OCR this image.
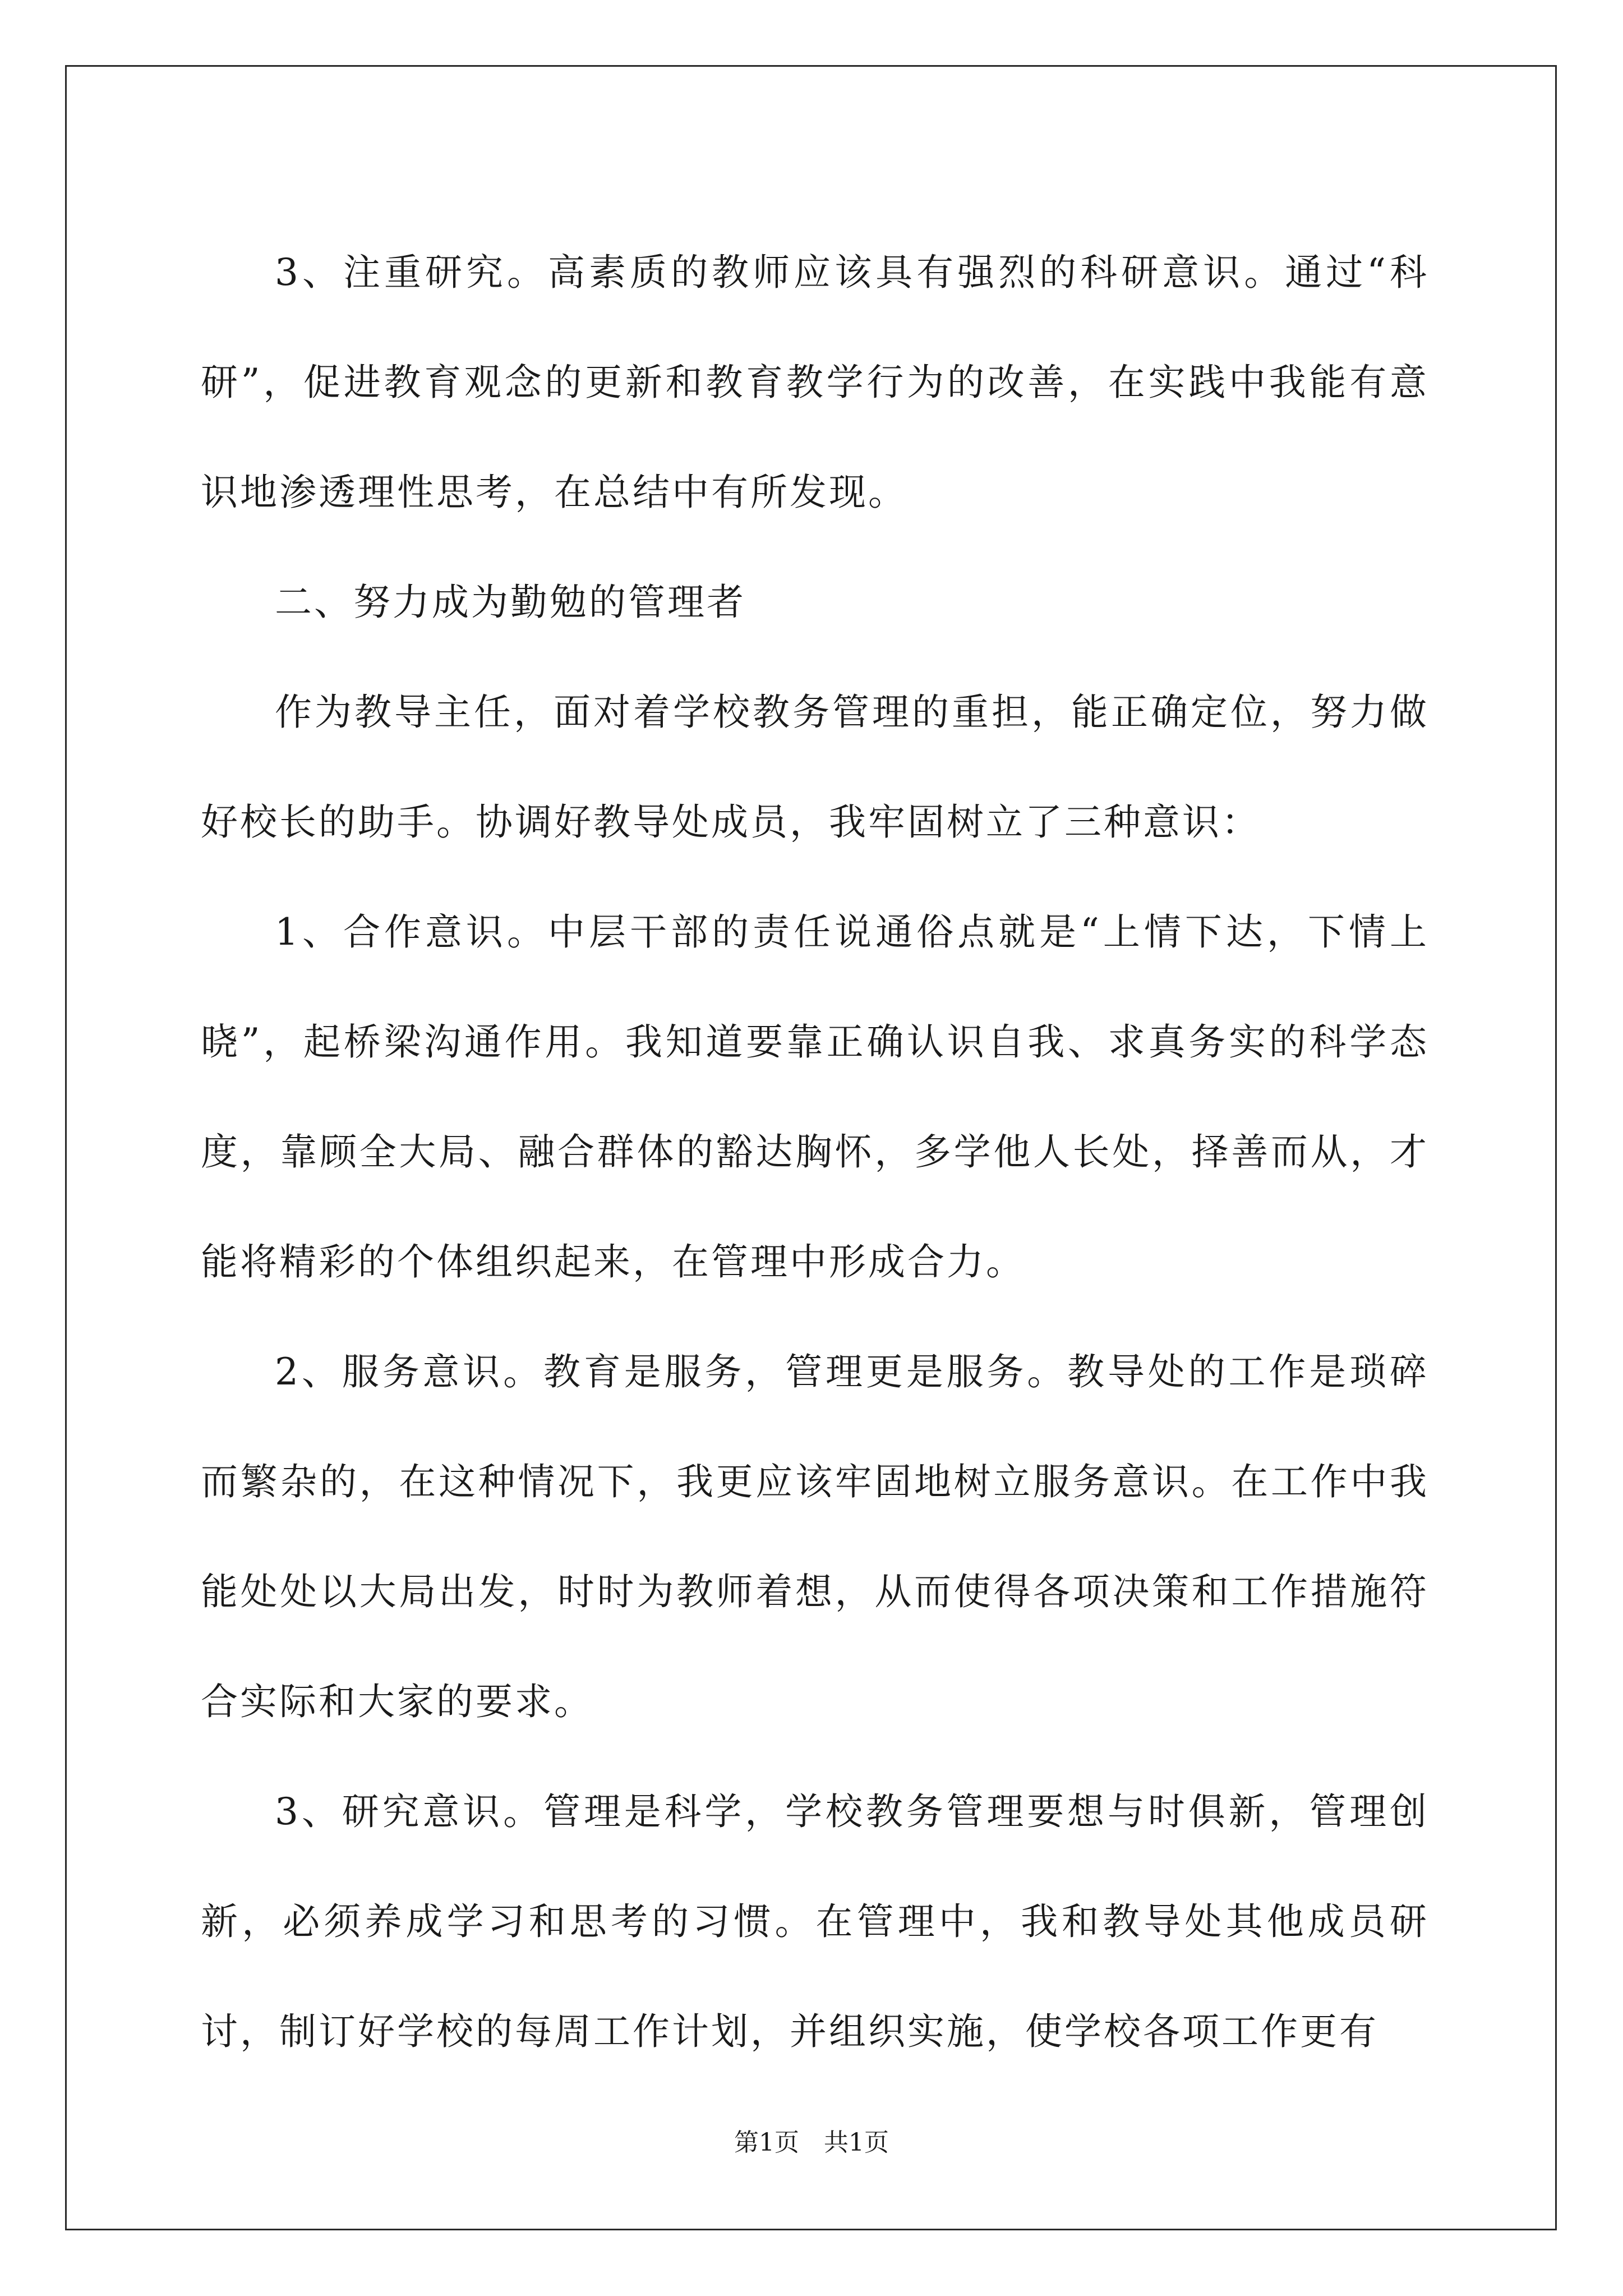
3、注重研究。高素质的教师应该具有强烈的科研意识。通过“科研”，促进教育观念的更新和教育教学行为的改善，在实践中我能有意识地渗透理性思考，在总结中有所发现。

二、努力成为勤勉的管理者

作为教导主任，面对着学校教务管理的重担，能正确定位，努力做好校长的助手。协调好教导处成员，我牢固树立了三种意识：

1、合作意识。中层干部的责任说通俗点就是“上情下达，下情上晓”，起桥梁沟通作用。我知道要靠正确认识自我、求真务实的科学态度，靠顾全大局、融合群体的豁达胸怀，多学他人长处，择善而从，才能将精彩的个体组织起来，在管理中形成合力。

2、服务意识。教育是服务，管理更是服务。教导处的工作是琐碎而繁杂的，在这种情况下，我更应该牢固地树立服务意识。在工作中我能处处以大局出发，时时为教师着想，从而使得各项决策和工作措施符合实际和大家的要求。

3、研究意识。管理是科学，学校教务管理要想与时俱新，管理创新，必须养成学习和思考的习惯。在管理中，我和教导处其他成员研讨，制订好学校的每周工作计划，并组织实施，使学校各项工作更有

第1页 共1页
